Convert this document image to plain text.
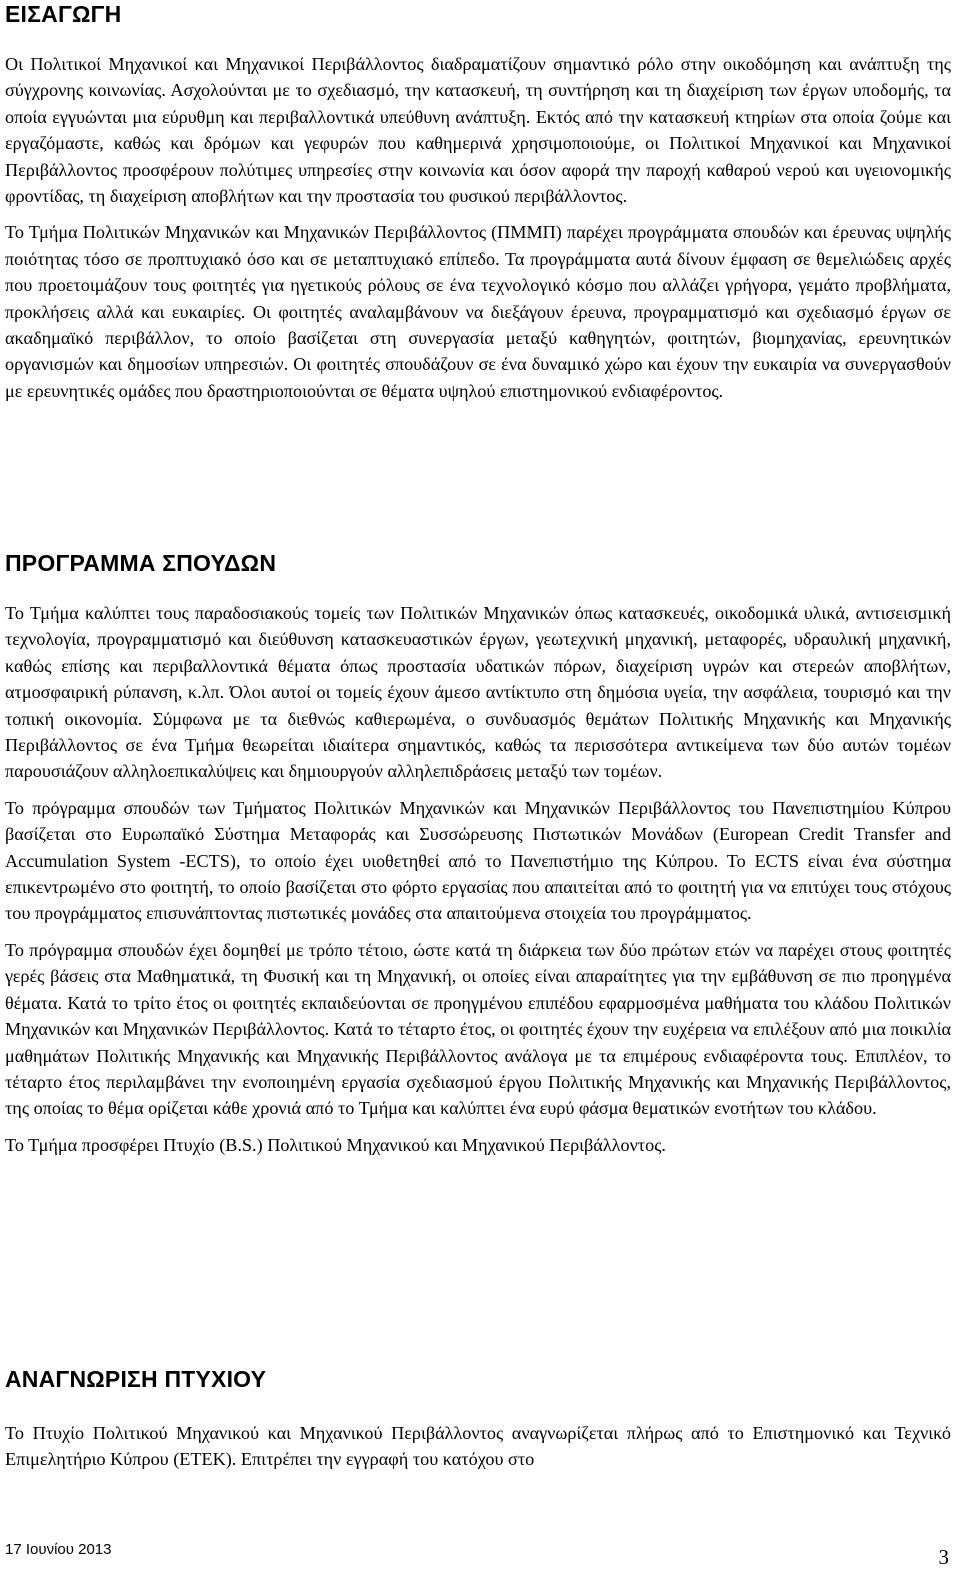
ΕΙΣΑΓΩΓΗ

Οι Πολιτικοί Μηχανικοί και Μηχανικοί Περιβάλλοντος διαδραματίζουν σημαντικό ρόλο στην οικοδόμηση και ανάπτυξη της σύγχρονης κοινωνίας. Ασχολούνται με το σχεδιασμό, την κατασκευή, τη συντήρηση και τη διαχείριση των έργων υποδομής, τα οποία εγγυώνται μια εύρυθμη και περιβαλλοντικά υπεύθυνη ανάπτυξη. Εκτός από την κατασκευή κτηρίων στα οποία ζούμε και εργαζόμαστε, καθώς και δρόμων και γεφυρών που καθημερινά χρησιμοποιούμε, οι Πολιτικοί Μηχανικοί και Μηχανικοί Περιβάλλοντος προσφέρουν πολύτιμες υπηρεσίες στην κοινωνία και όσον αφορά την παροχή καθαρού νερού και υγειονομικής φροντίδας, τη διαχείριση αποβλήτων και την προστασία του φυσικού περιβάλλοντος.

Το Τμήμα Πολιτικών Μηχανικών και Μηχανικών Περιβάλλοντος (ΠΜΜΠ) παρέχει προγράμματα σπουδών και έρευνας υψηλής ποιότητας τόσο σε προπτυχιακό όσο και σε μεταπτυχιακό επίπεδο. Τα προγράμματα αυτά δίνουν έμφαση σε θεμελιώδεις αρχές που προετοιμάζουν τους φοιτητές για ηγετικούς ρόλους σε ένα τεχνολογικό κόσμο που αλλάζει γρήγορα, γεμάτο προβλήματα, προκλήσεις αλλά και ευκαιρίες. Οι φοιτητές αναλαμβάνουν να διεξάγουν έρευνα, προγραμματισμό και σχεδιασμό έργων σε ακαδημαϊκό περιβάλλον, το οποίο βασίζεται στη συνεργασία μεταξύ καθηγητών, φοιτητών, βιομηχανίας, ερευνητικών οργανισμών και δημοσίων υπηρεσιών. Οι φοιτητές σπουδάζουν σε ένα δυναμικό χώρο και έχουν την ευκαιρία να συνεργασθούν με ερευνητικές ομάδες που δραστηριοποιούνται σε θέματα υψηλού επιστημονικού ενδιαφέροντος.

ΠΡΟΓΡΑΜΜΑ ΣΠΟΥΔΩΝ

Το Τμήμα καλύπτει τους παραδοσιακούς τομείς των Πολιτικών Μηχανικών όπως κατασκευές, οικοδομικά υλικά, αντισεισμική τεχνολογία, προγραμματισμό και διεύθυνση κατασκευαστικών έργων, γεωτεχνική μηχανική, μεταφορές, υδραυλική μηχανική, καθώς επίσης και περιβαλλοντικά θέματα όπως προστασία υδατικών πόρων, διαχείριση υγρών και στερεών αποβλήτων, ατμοσφαιρική ρύπανση, κ.λπ. Όλοι αυτοί οι τομείς έχουν άμεσο αντίκτυπο στη δημόσια υγεία, την ασφάλεια, τουρισμό και την τοπική οικονομία. Σύμφωνα με τα διεθνώς καθιερωμένα, ο συνδυασμός θεμάτων Πολιτικής Μηχανικής και Μηχανικής Περιβάλλοντος σε ένα Τμήμα θεωρείται ιδιαίτερα σημαντικός, καθώς τα περισσότερα αντικείμενα των δύο αυτών τομέων παρουσιάζουν αλληλοεπικαλύψεις και δημιουργούν αλληλεπιδράσεις μεταξύ των τομέων.

Το πρόγραμμα σπουδών των Τμήματος Πολιτικών Μηχανικών και Μηχανικών Περιβάλλοντος του Πανεπιστημίου Κύπρου βασίζεται στο Ευρωπαϊκό Σύστημα Μεταφοράς και Συσσώρευσης Πιστωτικών Μονάδων (European Credit Transfer and Accumulation System -ECTS), το οποίο έχει υιοθετηθεί από το Πανεπιστήμιο της Κύπρου. Το ECTS είναι ένα σύστημα επικεντρωμένο στο φοιτητή, το οποίο βασίζεται στο φόρτο εργασίας που απαιτείται από το φοιτητή για να επιτύχει τους στόχους του προγράμματος επισυνάπτοντας πιστωτικές μονάδες στα απαιτούμενα στοιχεία του προγράμματος.

Το πρόγραμμα σπουδών έχει δομηθεί με τρόπο τέτοιο, ώστε κατά τη διάρκεια των δύο πρώτων ετών να παρέχει στους φοιτητές γερές βάσεις στα Μαθηματικά, τη Φυσική και τη Μηχανική, οι οποίες είναι απαραίτητες για την εμβάθυνση σε πιο προηγμένα θέματα. Κατά το τρίτο έτος οι φοιτητές εκπαιδεύονται σε προηγμένου επιπέδου εφαρμοσμένα μαθήματα του κλάδου Πολιτικών Μηχανικών και Μηχανικών Περιβάλλοντος. Κατά το τέταρτο έτος, οι φοιτητές έχουν την ευχέρεια να επιλέξουν από μια ποικιλία μαθημάτων Πολιτικής Μηχανικής και Μηχανικής Περιβάλλοντος ανάλογα με τα επιμέρους ενδιαφέροντα τους. Επιπλέον, το τέταρτο έτος περιλαμβάνει την ενοποιημένη εργασία σχεδιασμού έργου Πολιτικής Μηχανικής και Μηχανικής Περιβάλλοντος, της οποίας το θέμα ορίζεται κάθε χρονιά από το Τμήμα και καλύπτει ένα ευρύ φάσμα θεματικών ενοτήτων του κλάδου.

Το Τμήμα προσφέρει Πτυχίο (B.S.) Πολιτικού Μηχανικού και Μηχανικού Περιβάλλοντος.

ΑΝΑΓΝΩΡΙΣΗ ΠΤΥΧΙΟΥ

Το Πτυχίο Πολιτικού Μηχανικού και Μηχανικού Περιβάλλοντος αναγνωρίζεται πλήρως από το Επιστημονικό και Τεχνικό Επιμελητήριο Κύπρου (ΕΤΕΚ). Επιτρέπει την εγγραφή του κατόχου στο

17 Ιουνίου 2013	3
